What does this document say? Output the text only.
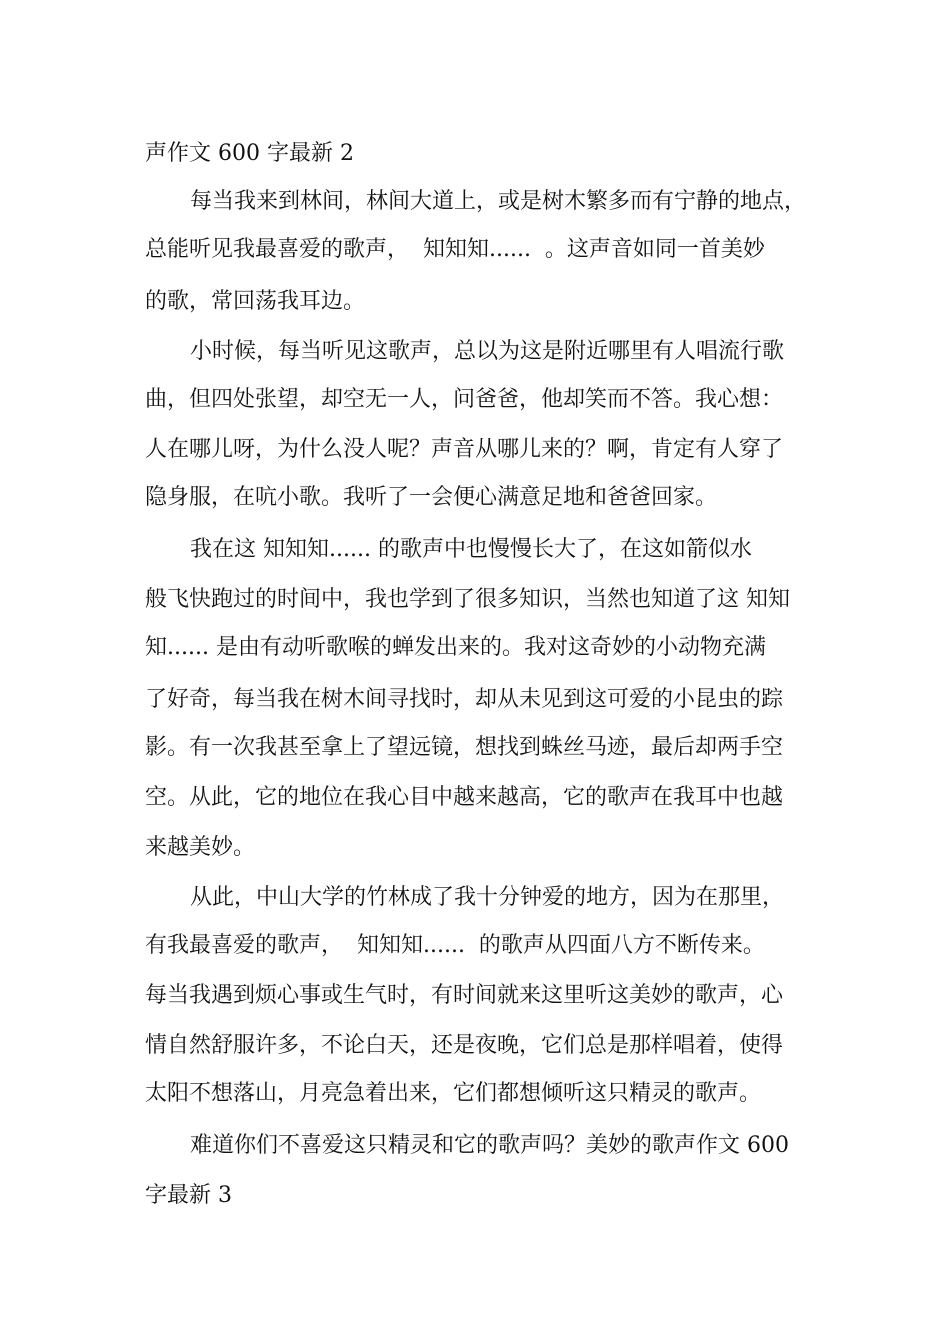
声作文 600 字最新 2

每当我来到林间，林间大道上，或是树木繁多而有宁静的地点，

总能听见我最喜爱的歌声，  知知知......  。这声音如同一首美妙

的歌，常回荡我耳边。

小时候，每当听见这歌声，总以为这是附近哪里有人唱流行歌

曲，但四处张望，却空无一人，问爸爸，他却笑而不答。我心想：

人在哪儿呀，为什么没人呢？声音从哪儿来的？啊，肯定有人穿了

隐身服，在吭小歌。我听了一会便心满意足地和爸爸回家。

我在这 知知知...... 的歌声中也慢慢长大了，在这如箭似水

般飞快跑过的时间中，我也学到了很多知识，当然也知道了这 知知

知...... 是由有动听歌喉的蝉发出来的。我对这奇妙的小动物充满

了好奇，每当我在树木间寻找时，却从未见到这可爱的小昆虫的踪

影。有一次我甚至拿上了望远镜，想找到蛛丝马迹，最后却两手空

空。从此，它的地位在我心目中越来越高，它的歌声在我耳中也越

来越美妙。

从此，中山大学的竹林成了我十分钟爱的地方，因为在那里，

有我最喜爱的歌声，  知知知......  的歌声从四面八方不断传来。

每当我遇到烦心事或生气时，有时间就来这里听这美妙的歌声，心

情自然舒服许多，不论白天，还是夜晚，它们总是那样唱着，使得

太阳不想落山，月亮急着出来，它们都想倾听这只精灵的歌声。

难道你们不喜爱这只精灵和它的歌声吗？美妙的歌声作文 600

字最新 3
